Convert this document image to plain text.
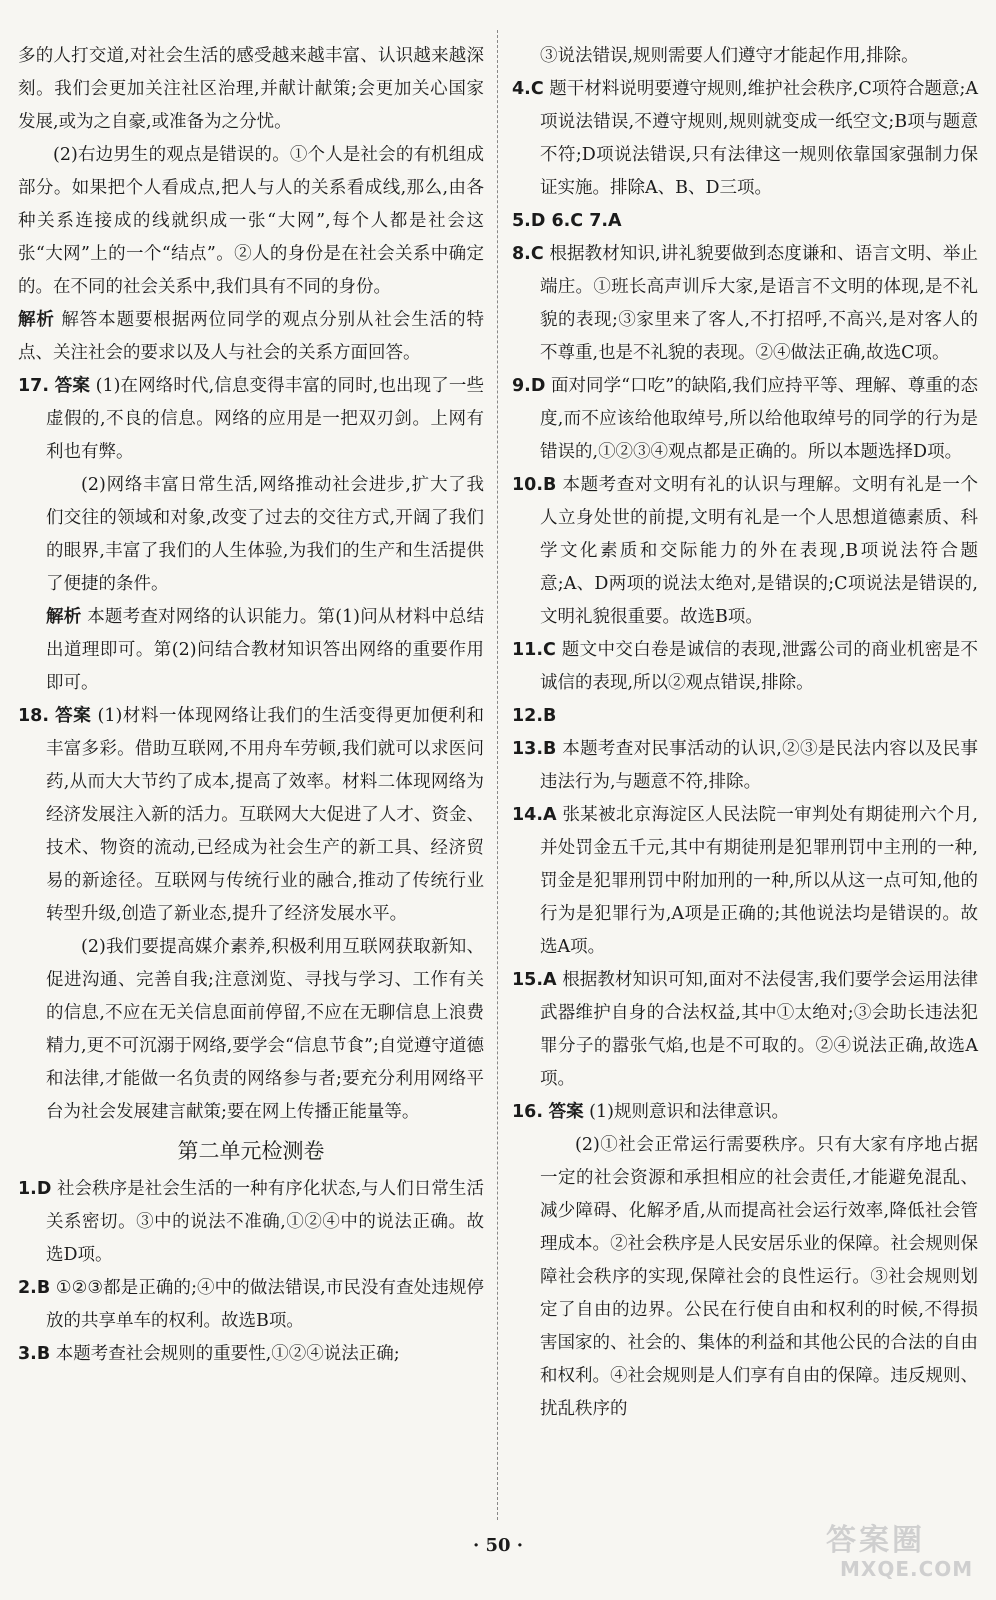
多的人打交道,对社会生活的感受越来越丰富、认识越来越深刻。我们会更加关注社区治理,并献计献策;会更加关心国家发展,或为之自豪,或准备为之分忧。

(2)右边男生的观点是错误的。①个人是社会的有机组成部分。如果把个人看成点,把人与人的关系看成线,那么,由各种关系连接成的线就织成一张“大网”,每个人都是社会这张“大网”上的一个“结点”。②人的身份是在社会关系中确定的。在不同的社会关系中,我们具有不同的身份。

解析 解答本题要根据两位同学的观点分别从社会生活的特点、关注社会的要求以及人与社会的关系方面回答。

17. 答案 (1)在网络时代,信息变得丰富的同时,也出现了一些虚假的,不良的信息。网络的应用是一把双刃剑。上网有利也有弊。

(2)网络丰富日常生活,网络推动社会进步,扩大了我们交往的领域和对象,改变了过去的交往方式,开阔了我们的眼界,丰富了我们的人生体验,为我们的生产和生活提供了便捷的条件。

解析 本题考查对网络的认识能力。第(1)问从材料中总结出道理即可。第(2)问结合教材知识答出网络的重要作用即可。

18. 答案 (1)材料一体现网络让我们的生活变得更加便利和丰富多彩。借助互联网,不用舟车劳顿,我们就可以求医问药,从而大大节约了成本,提高了效率。材料二体现网络为经济发展注入新的活力。互联网大大促进了人才、资金、技术、物资的流动,已经成为社会生产的新工具、经济贸易的新途径。互联网与传统行业的融合,推动了传统行业转型升级,创造了新业态,提升了经济发展水平。

(2)我们要提高媒介素养,积极利用互联网获取新知、促进沟通、完善自我;注意浏览、寻找与学习、工作有关的信息,不应在无关信息面前停留,不应在无聊信息上浪费精力,更不可沉溺于网络,要学会“信息节食”;自觉遵守道德和法律,才能做一名负责的网络参与者;要充分利用网络平台为社会发展建言献策;要在网上传播正能量等。

第二单元检测卷

1.D 社会秩序是社会生活的一种有序化状态,与人们日常生活关系密切。③中的说法不准确,①②④中的说法正确。故选D项。

2.B ①②③都是正确的;④中的做法错误,市民没有查处违规停放的共享单车的权利。故选B项。

3.B 本题考查社会规则的重要性,①②④说法正确;

③说法错误,规则需要人们遵守才能起作用,排除。

4.C 题干材料说明要遵守规则,维护社会秩序,C项符合题意;A项说法错误,不遵守规则,规则就变成一纸空文;B项与题意不符;D项说法错误,只有法律这一规则依靠国家强制力保证实施。排除A、B、D三项。

5.D 6.C 7.A

8.C 根据教材知识,讲礼貌要做到态度谦和、语言文明、举止端庄。①班长高声训斥大家,是语言不文明的体现,是不礼貌的表现;③家里来了客人,不打招呼,不高兴,是对客人的不尊重,也是不礼貌的表现。②④做法正确,故选C项。

9.D 面对同学“口吃”的缺陷,我们应持平等、理解、尊重的态度,而不应该给他取绰号,所以给他取绰号的同学的行为是错误的,①②③④观点都是正确的。所以本题选择D项。

10.B 本题考查对文明有礼的认识与理解。文明有礼是一个人立身处世的前提,文明有礼是一个人思想道德素质、科学文化素质和交际能力的外在表现,B项说法符合题意;A、D两项的说法太绝对,是错误的;C项说法是错误的,文明礼貌很重要。故选B项。

11.C 题文中交白卷是诚信的表现,泄露公司的商业机密是不诚信的表现,所以②观点错误,排除。

12.B

13.B 本题考查对民事活动的认识,②③是民法内容以及民事违法行为,与题意不符,排除。

14.A 张某被北京海淀区人民法院一审判处有期徒刑六个月,并处罚金五千元,其中有期徒刑是犯罪刑罚中主刑的一种,罚金是犯罪刑罚中附加刑的一种,所以从这一点可知,他的行为是犯罪行为,A项是正确的;其他说法均是错误的。故选A项。

15.A 根据教材知识可知,面对不法侵害,我们要学会运用法律武器维护自身的合法权益,其中①太绝对;③会助长违法犯罪分子的嚣张气焰,也是不可取的。②④说法正确,故选A项。

16. 答案 (1)规则意识和法律意识。

(2)①社会正常运行需要秩序。只有大家有序地占据一定的社会资源和承担相应的社会责任,才能避免混乱、减少障碍、化解矛盾,从而提高社会运行效率,降低社会管理成本。②社会秩序是人民安居乐业的保障。社会规则保障社会秩序的实现,保障社会的良性运行。③社会规则划定了自由的边界。公民在行使自由和权利的时候,不得损害国家的、社会的、集体的利益和其他公民的合法的自由和权利。④社会规则是人们享有自由的保障。违反规则、扰乱秩序的

· 50 ·	答案圈
MXQE.COM
